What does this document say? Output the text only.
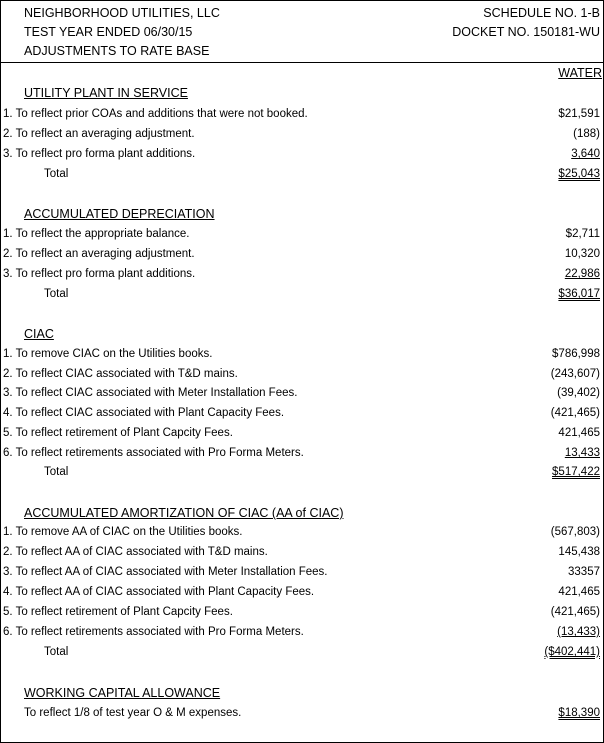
NEIGHBORHOOD UTILITIES, LLC
TEST YEAR ENDED 06/30/15
ADJUSTMENTS TO RATE BASE
SCHEDULE NO. 1-B
DOCKET NO. 150181-WU
WATER
UTILITY PLANT IN SERVICE
1. To reflect prior COAs and additions that were not booked.	$21,591
2. To reflect an averaging adjustment.	(188)
3. To reflect pro forma plant additions.	3,640
Total	$25,043
ACCUMULATED DEPRECIATION
1. To reflect the appropriate balance.	$2,711
2. To reflect an averaging adjustment.	10,320
3. To reflect pro forma plant additions.	22,986
Total	$36,017
CIAC
1. To remove CIAC on the Utilities books.	$786,998
2. To reflect CIAC associated with T&D mains.	(243,607)
3. To reflect CIAC associated with Meter Installation Fees.	(39,402)
4. To reflect CIAC associated with Plant Capacity Fees.	(421,465)
5. To reflect retirement of Plant Capcity Fees.	421,465
6. To reflect retirements associated with Pro Forma Meters.	13,433
Total	$517,422
ACCUMULATED AMORTIZATION OF CIAC (AA of CIAC)
1. To remove AA of CIAC on the Utilities books.	(567,803)
2. To reflect AA of CIAC associated with T&D mains.	145,438
3. To reflect AA of CIAC associated with Meter Installation Fees.	33357
4. To reflect AA of CIAC associated with Plant Capacity Fees.	421,465
5. To reflect retirement of Plant Capcity Fees.	(421,465)
6. To reflect retirements associated with Pro Forma Meters.	(13,433)
Total	($402,441)
WORKING CAPITAL ALLOWANCE
To reflect 1/8 of test year O & M expenses.	$18,390
